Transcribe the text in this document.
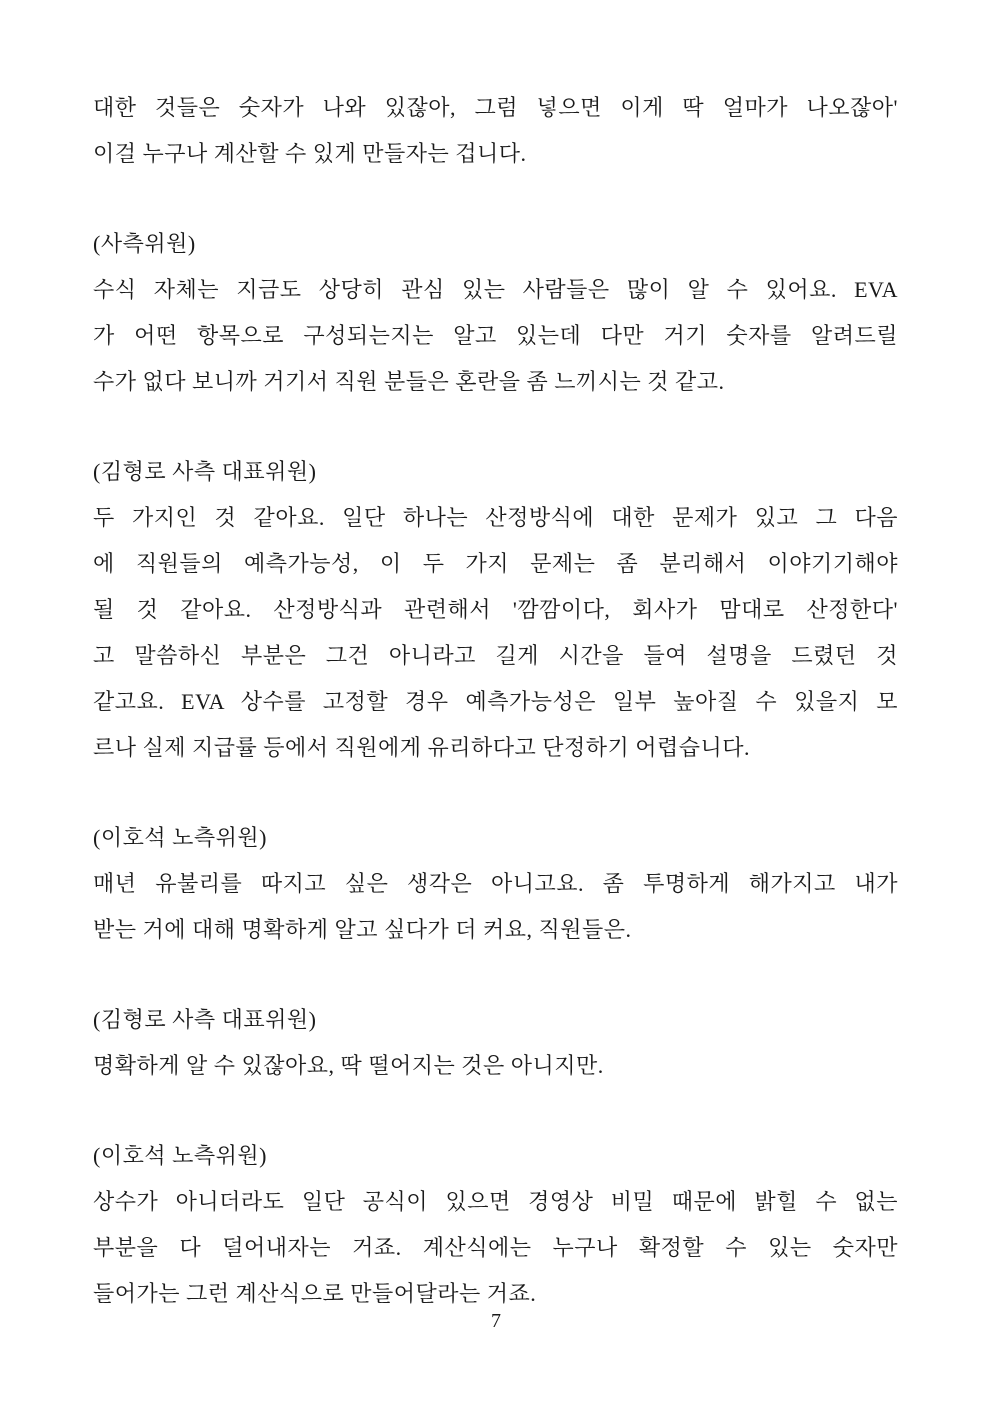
대한 것들은 숫자가 나와 있잖아, 그럼 넣으면 이게 딱 얼마가 나오잖아'
이걸 누구나 계산할 수 있게 만들자는 겁니다.
(사측위원)
수식 자체는 지금도 상당히 관심 있는 사람들은 많이 알 수 있어요. EVA
가 어떤 항목으로 구성되는지는 알고 있는데 다만 거기 숫자를 알려드릴
수가 없다 보니까 거기서 직원 분들은 혼란을 좀 느끼시는 것 같고.
(김형로 사측 대표위원)
두 가지인 것 같아요. 일단 하나는 산정방식에 대한 문제가 있고 그 다음
에 직원들의 예측가능성, 이 두 가지 문제는 좀 분리해서 이야기기해야
될 것 같아요. 산정방식과 관련해서 '깜깜이다, 회사가 맘대로 산정한다'
고 말씀하신 부분은 그건 아니라고 길게 시간을 들여 설명을 드렸던 것
같고요. EVA 상수를 고정할 경우 예측가능성은 일부 높아질 수 있을지 모
르나 실제 지급률 등에서 직원에게 유리하다고 단정하기 어렵습니다.
(이호석 노측위원)
매년 유불리를 따지고 싶은 생각은 아니고요. 좀 투명하게 해가지고 내가
받는 거에 대해 명확하게 알고 싶다가 더 커요, 직원들은.
(김형로 사측 대표위원)
명확하게 알 수 있잖아요, 딱 떨어지는 것은 아니지만.
(이호석 노측위원)
상수가 아니더라도 일단 공식이 있으면 경영상 비밀 때문에 밝힐 수 없는
부분을 다 덜어내자는 거죠. 계산식에는 누구나 확정할 수 있는 숫자만
들어가는 그런 계산식으로 만들어달라는 거죠.
7
